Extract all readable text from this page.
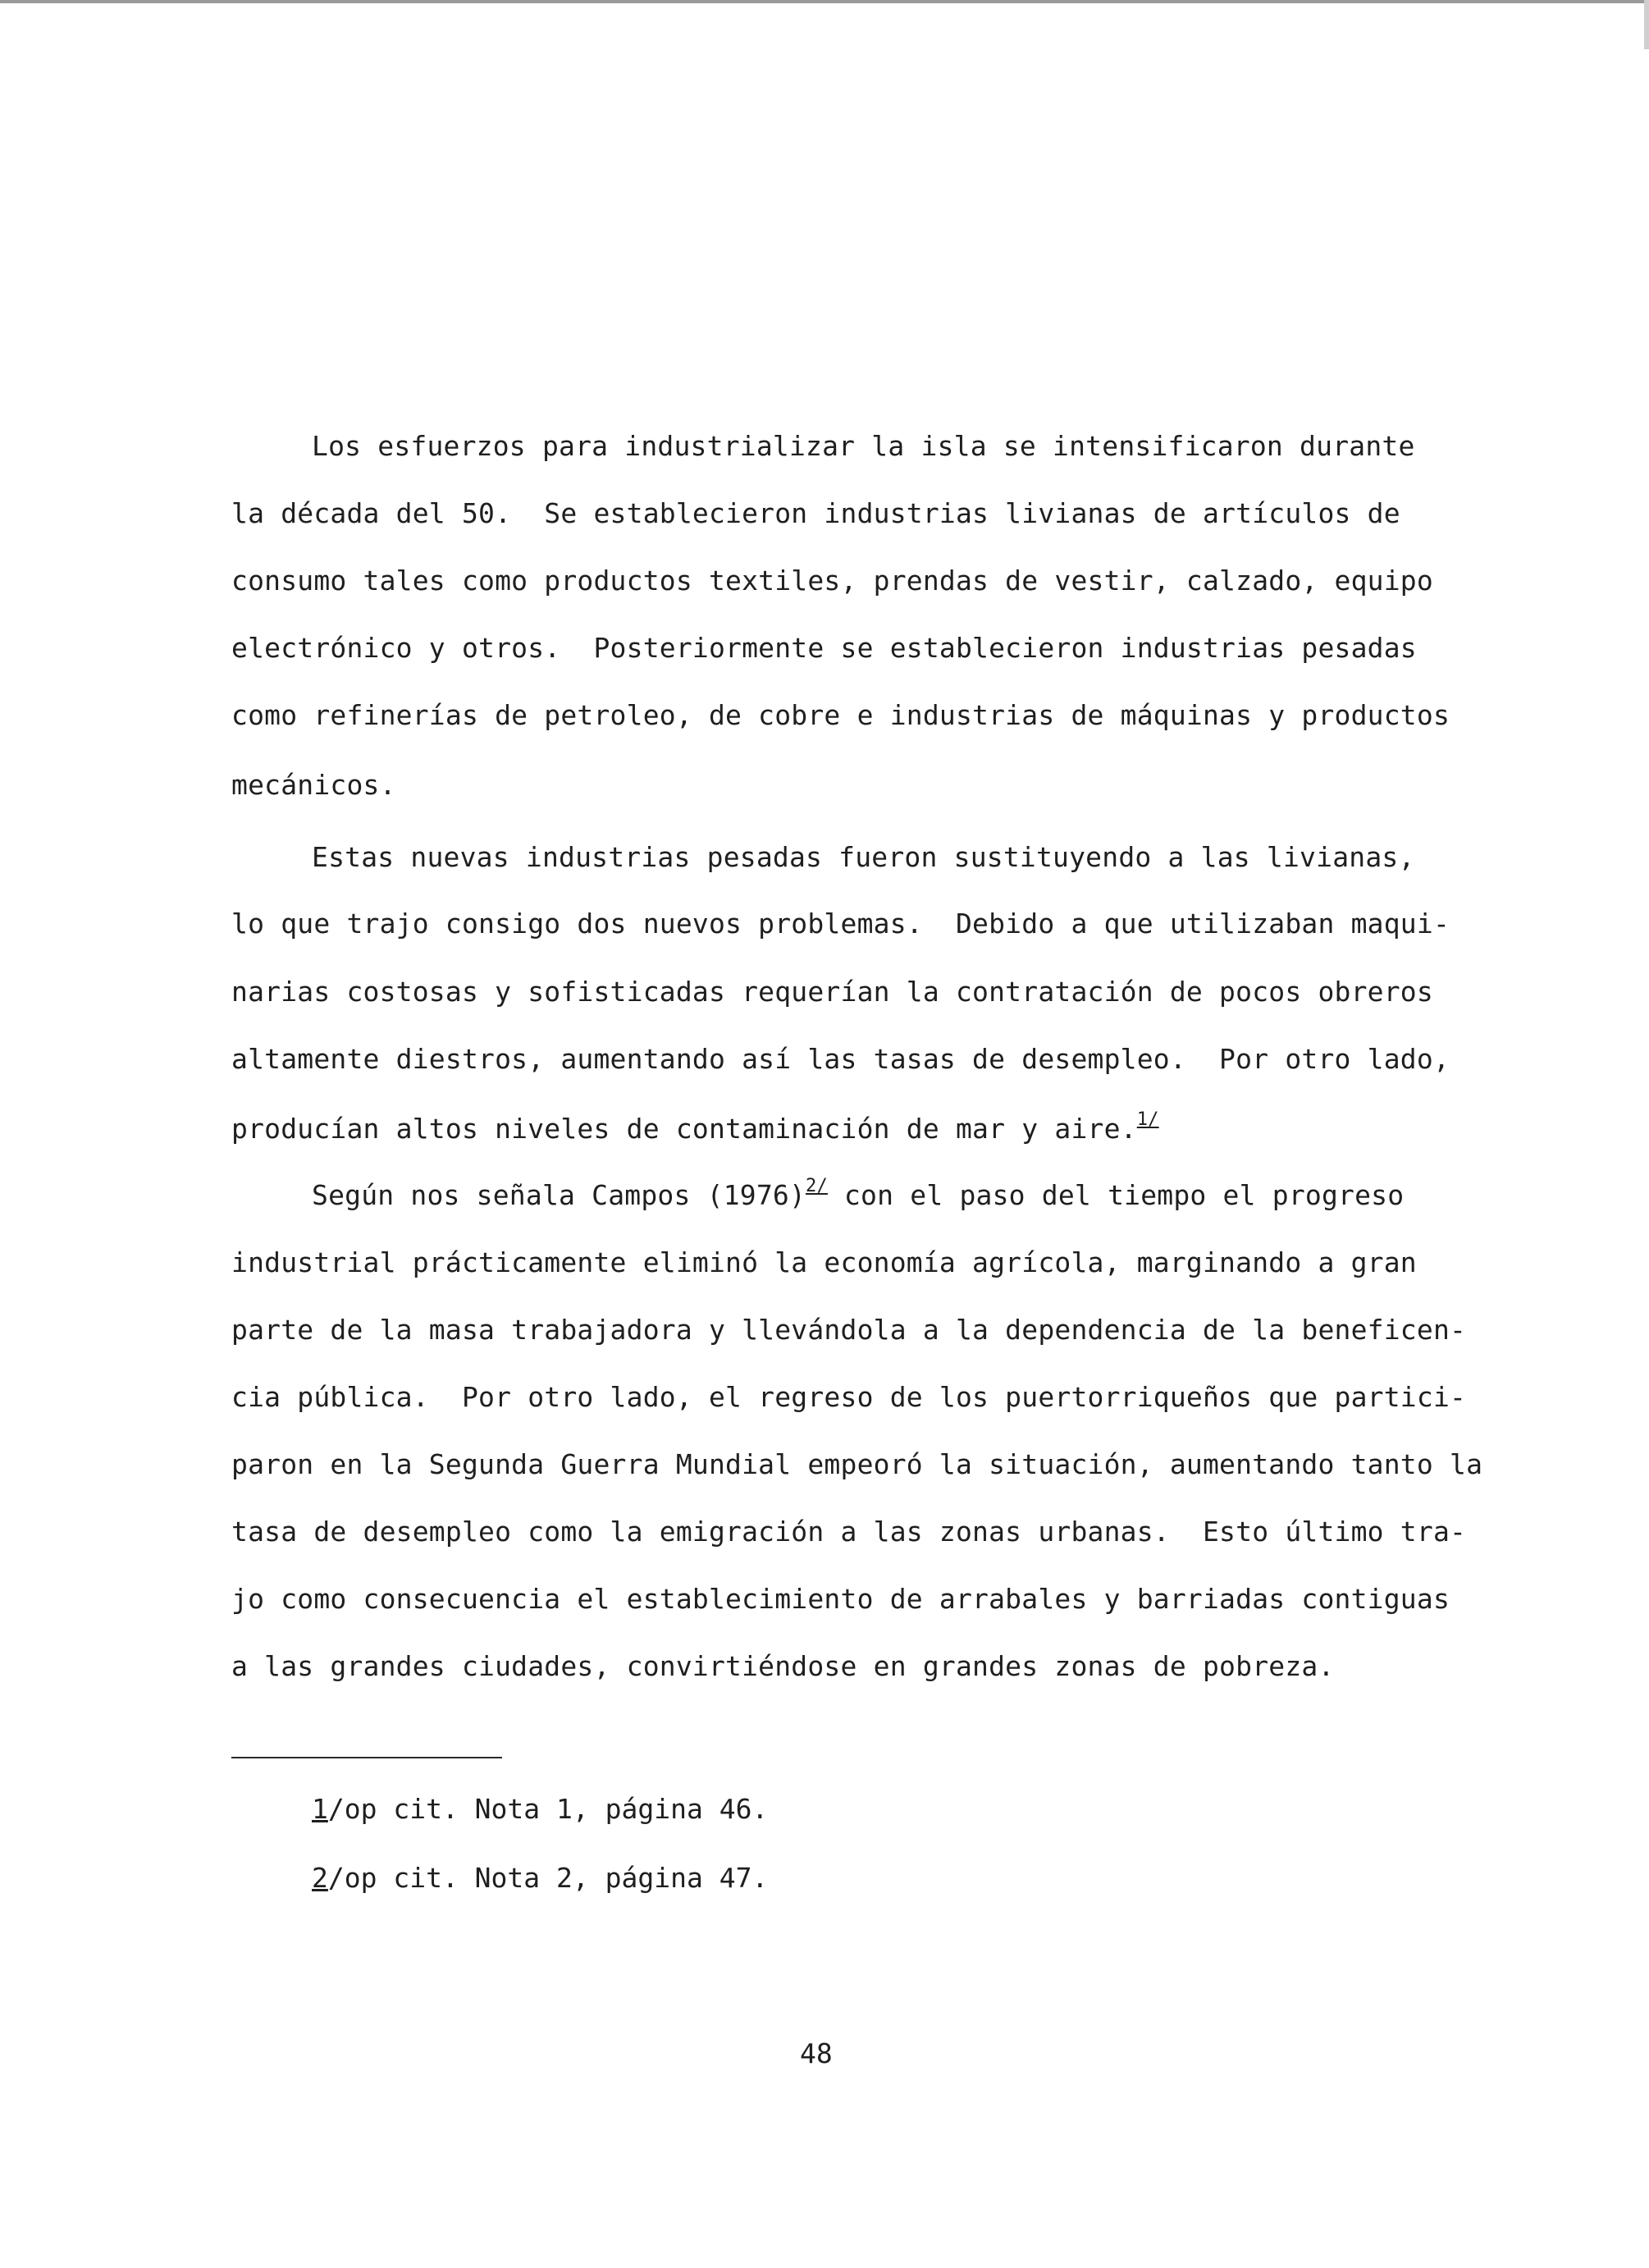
Los esfuerzos para industrializar la isla se intensificaron durantе
la década del 50.  Se establecieron industrias livianas de artículos de
consumo tales como productos textiles, prendas de vestir, calzado, equipo
electrónico y otros.  Posteriormente se establecieron industrias pesadas
como refinerías de petroleo, de cobre e industrias de máquinas y productos
mecánicos.
Estas nuevas industrias pesadas fueron sustituyendo a las livianas,
lo que trajo consigo dos nuevos problemas.  Debido a que utilizaban maqui-
narias costosas y sofisticadas requerían la contratación de pocos obreros
altamente diestros, aumentando así las tasas de desempleo.  Por otro lado,
producían altos niveles de contaminación de mar y aire.$^{1/}$
Según nos señala Campos $(1976)^{2/}$ con el paso del tiempo el progreso
industrial prácticamente eliminó la economía agrícola, marginando a gran
parte de la masa trabajadora y llevándola a la dependencia de la beneficen-
cia pública.  Por otro lado, el regreso de los puertorriqueños que partici-
paron en la Segunda Guerra Mundial empeoró la situación, aumentando tanto la
tasa de desempleo como la emigración a las zonas urbanas.  Esto último tra-
jo como consecuencia el establecimiento de arrabales y barriadas contiguas
a las grandes ciudades, convirtiéndose en grandes zonas de pobreza.
1/op cit. Nota 1, página 46.
2/op cit. Nota 2, página 47.
48
